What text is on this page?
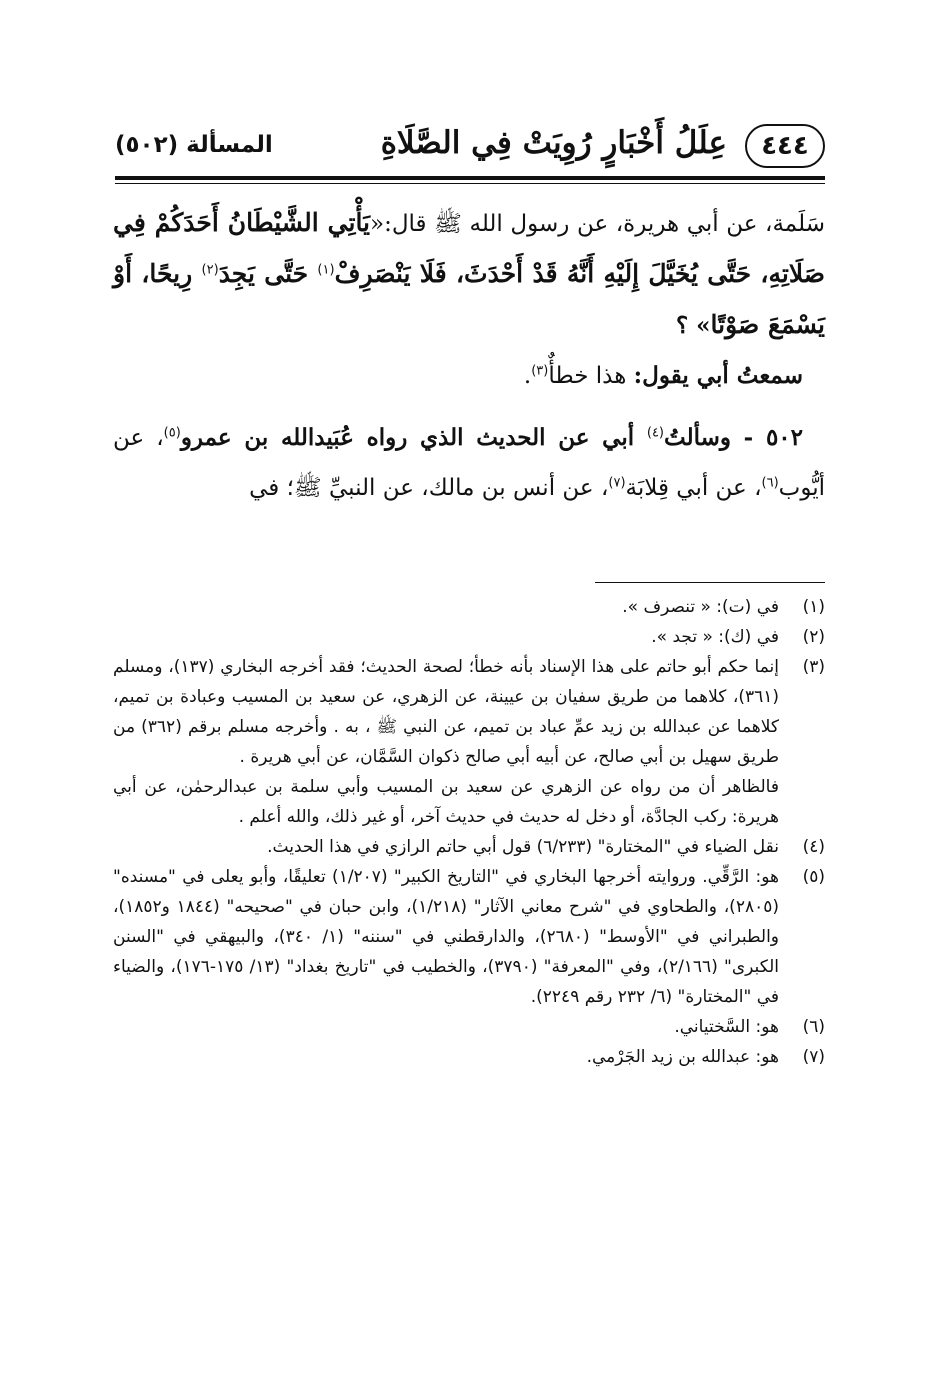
٤٤٤
عِلَلُ أَخْبَارٍ رُوِيَتْ فِي الصَّلَاةِ
المسألة (٥٠٢)

سَلَمة، عن أبي هريرة، عن رسول الله ﷺ قال:«يَأْتِي الشَّيْطَانُ أَحَدَكُمْ فِي صَلَاتِهِ، حَتَّى يُخَيَّلَ إِلَيْهِ أَنَّهُ قَدْ أَحْدَثَ، فَلَا يَنْصَرِفْ$^{(١)}$ حَتَّى يَجِدَ$^{(٢)}$ رِيحًا، أَوْ يَسْمَعَ صَوْتًا» ؟

سمعتُ أبي يقول: هذا خطأٌ$^{(٣)}$.

٥٠٢ - وسألتُ$^{(٤)}$ أبي عن الحديث الذي رواه عُبَيدالله بن عمرو$^{(٥)}$، عن أيُّوب$^{(٦)}$، عن أبي قِلابَة$^{(٧)}$، عن أنس بن مالك، عن النبيِّ ﷺ؛ في

(١)
في (ت): « تنصرف ».
(٢)
في (ك): « تجد ».
(٣)
إنما حكم أبو حاتم على هذا الإسناد بأنه خطأ؛ لصحة الحديث؛ فقد أخرجه البخاري (١٣٧)، ومسلم (٣٦١)، كلاهما من طريق سفيان بن عيينة، عن الزهري، عن سعيد بن المسيب وعبادة بن تميم، كلاهما عن عبدالله بن زيد عمِّ عباد بن تميم، عن النبي ﷺ ، به . وأخرجه مسلم برقم (٣٦٢) من طريق سهيل بن أبي صالح، عن أبيه أبي صالح ذكوان السَّمَّان، عن أبي هريرة .
فالظاهر أن من رواه عن الزهري عن سعيد بن المسيب وأبي سلمة بن عبدالرحمٰن، عن أبي هريرة: ركب الجادَّة، أو دخل له حديث في حديث آخر، أو غير ذلك، والله أعلم .
(٤)
نقل الضياء في "المختارة" (٦/٢٣٣) قول أبي حاتم الرازي في هذا الحديث.
(٥)
هو: الرَّقِّي. وروايته أخرجها البخاري في "التاريخ الكبير" (١/٢٠٧) تعليقًا، وأبو يعلى في "مسنده" (٢٨٠٥)، والطحاوي في "شرح معاني الآثار" (١/٢١٨)، وابن حبان في "صحيحه" (١٨٤٤ و١٨٥٢)، والطبراني في "الأوسط" (٢٦٨٠)، والدارقطني في "سننه" (١/ ٣٤٠)، والبيهقي في "السنن الكبرى" (٢/١٦٦)، وفي "المعرفة" (٣٧٩٠)، والخطيب في "تاريخ بغداد" (١٣/ ١٧٥-١٧٦)، والضياء في "المختارة" (٦/ ٢٣٢ رقم ٢٢٤٩).
(٦)
هو: السَّختياني.
(٧)
هو: عبدالله بن زيد الجَرْمي.
